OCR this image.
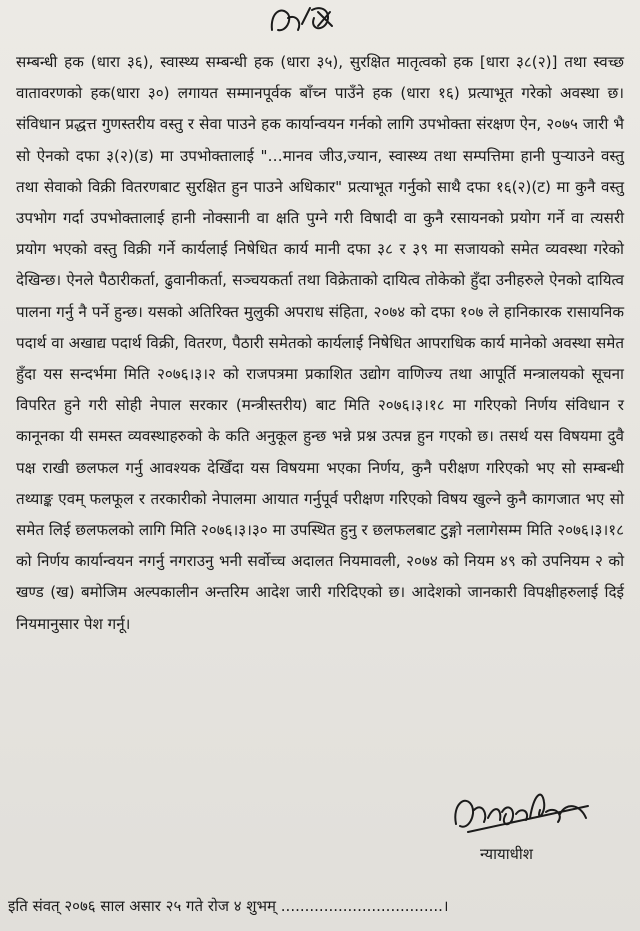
सम्बन्धी हक (धारा ३६), स्वास्थ्य सम्बन्धी हक (धारा ३५), सुरक्षित मातृत्वको हक [धारा ३८(२)] तथा स्वच्छ वातावरणको हक(धारा ३०) लगायत सम्मानपूर्वक बाँच्न पाउँने हक (धारा १६) प्रत्याभूत गरेको अवस्था छ। संविधान प्रद्धत्त गुणस्तरीय वस्तु र सेवा पाउने हक कार्यान्वयन गर्नको लागि उपभोक्ता संरक्षण ऐन, २०७५ जारी भै सो ऐनको दफा ३(२)(ड) मा उपभोक्तालाई "…मानव जीउ,ज्यान, स्वास्थ्य तथा सम्पत्तिमा हानी पुऱ्याउने वस्तु तथा सेवाको विक्री वितरणबाट सुरक्षित हुन पाउने अधिकार" प्रत्याभूत गर्नुको साथै दफा १६(२)(ट) मा कुनै वस्तु उपभोग गर्दा उपभोक्तालाई हानी नोक्सानी वा क्षति पुग्ने गरी विषादी वा कुनै रसायनको प्रयोग गर्ने वा त्यसरी प्रयोग भएको वस्तु विक्री गर्ने कार्यलाई निषेधित कार्य मानी दफा ३८ र ३९ मा सजायको समेत व्यवस्था गरेको देखिन्छ। ऐनले पैठारीकर्ता, ढुवानीकर्ता, सञ्चयकर्ता तथा विक्रेताको दायित्व तोकेको हुँदा उनीहरुले ऐनको दायित्व पालना गर्नु नै पर्ने हुन्छ। यसको अतिरिक्त मुलुकी अपराध संहिता, २०७४ को दफा १०७ ले हानिकारक रासायनिक पदार्थ वा अखाद्य पदार्थ विक्री, वितरण, पैठारी समेतको कार्यलाई निषेधित आपराधिक कार्य मानेको अवस्था समेत हुँदा यस सन्दर्भमा मिति २०७६।३।२ को राजपत्रमा प्रकाशित उद्योग वाणिज्य तथा आपूर्ति मन्त्रालयको सूचना विपरित हुने गरी सोही नेपाल सरकार (मन्त्रीस्तरीय) बाट मिति २०७६।३।१८ मा गरिएको निर्णय संविधान र कानूनका यी समस्त व्यवस्थाहरुको के कति अनुकूल हुन्छ भन्ने प्रश्न उत्पन्न हुन गएको छ। तसर्थ यस विषयमा दुवै पक्ष राखी छलफल गर्नु आवश्यक देखिँदा यस विषयमा भएका निर्णय, कुनै परीक्षण गरिएको भए सो सम्बन्धी तथ्याङ्क एवम् फलफूल र तरकारीको नेपालमा आयात गर्नुपूर्व परीक्षण गरिएको विषय खुल्ने कुनै कागजात भए सो समेत लिई छलफलको लागि मिति २०७६।३।३० मा उपस्थित हुनु र छलफलबाट टुङ्गो नलागेसम्म मिति २०७६।३।१८ को निर्णय कार्यान्वयन नगर्नु नगराउनु भनी सर्वोच्च अदालत नियमावली, २०७४ को नियम ४९ को उपनियम २ को खण्ड (ख) बमोजिम अल्पकालीन अन्तरिम आदेश जारी गरिदिएको छ। आदेशको जानकारी विपक्षीहरुलाई दिई नियमानुसार पेश गर्नू।

न्यायाधीश

इति संवत् २०७६ साल असार २५ गते रोज ४ शुभम् ..................................।
